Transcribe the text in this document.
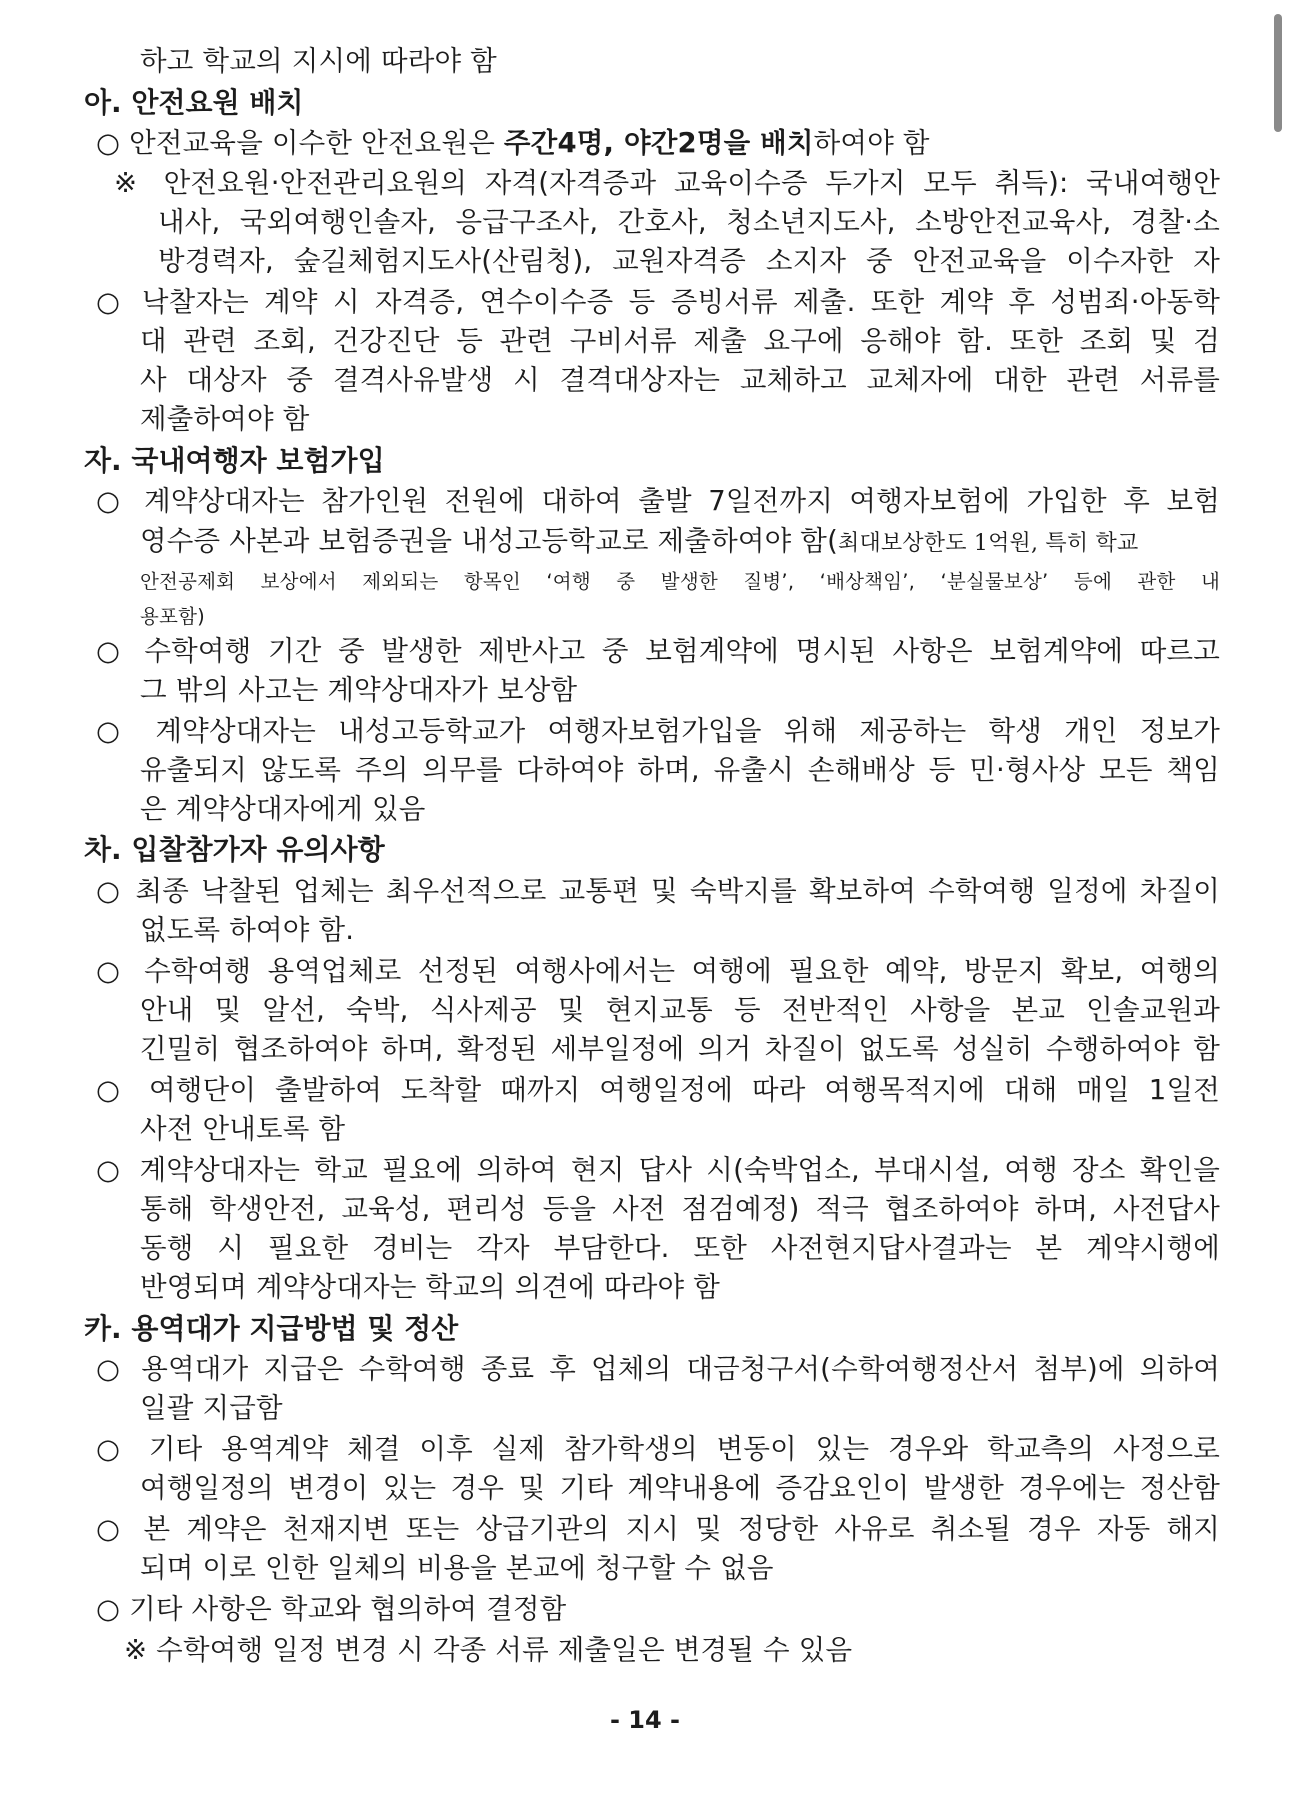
하고 학교의 지시에 따라야 함
아. 안전요원 배치
○ 안전교육을 이수한 안전요원은 주간4명, 야간2명을 배치하여야 함
※ 안전요원·안전관리요원의 자격(자격증과 교육이수증 두가지 모두 취득): 국내여행안
내사, 국외여행인솔자, 응급구조사, 간호사, 청소년지도사, 소방안전교육사, 경찰·소
방경력자, 숲길체험지도사(산림청), 교원자격증 소지자 중 안전교육을 이수자한 자
○ 낙찰자는 계약 시 자격증, 연수이수증 등 증빙서류 제출. 또한 계약 후 성범죄·아동학
대 관련 조회, 건강진단 등 관련 구비서류 제출 요구에 응해야 함. 또한 조회 및 검
사 대상자 중 결격사유발생 시 결격대상자는 교체하고 교체자에 대한 관련 서류를
제출하여야 함
자. 국내여행자 보험가입
○ 계약상대자는 참가인원 전원에 대하여 출발 7일전까지 여행자보험에 가입한 후 보험
영수증 사본과 보험증권을 내성고등학교로 제출하여야 함(최대보상한도 1억원, 특히 학교
안전공제회 보상에서 제외되는 항목인 ‘여행 중 발생한 질병’, ‘배상책임’, ‘분실물보상’ 등에 관한 내
용포함)
○ 수학여행 기간 중 발생한 제반사고 중 보험계약에 명시된 사항은 보험계약에 따르고
그 밖의 사고는 계약상대자가 보상함
○ 계약상대자는 내성고등학교가 여행자보험가입을 위해 제공하는 학생 개인 정보가
유출되지 않도록 주의 의무를 다하여야 하며, 유출시 손해배상 등 민·형사상 모든 책임
은 계약상대자에게 있음
차. 입찰참가자 유의사항
○ 최종 낙찰된 업체는 최우선적으로 교통편 및 숙박지를 확보하여 수학여행 일정에 차질이
없도록 하여야 함.
○ 수학여행 용역업체로 선정된 여행사에서는 여행에 필요한 예약, 방문지 확보, 여행의
안내 및 알선, 숙박, 식사제공 및 현지교통 등 전반적인 사항을 본교 인솔교원과
긴밀히 협조하여야 하며, 확정된 세부일정에 의거 차질이 없도록 성실히 수행하여야 함
○ 여행단이 출발하여 도착할 때까지 여행일정에 따라 여행목적지에 대해 매일 1일전
사전 안내토록 함
○ 계약상대자는 학교 필요에 의하여 현지 답사 시(숙박업소, 부대시설, 여행 장소 확인을
통해 학생안전, 교육성, 편리성 등을 사전 점검예정) 적극 협조하여야 하며, 사전답사
동행 시 필요한 경비는 각자 부담한다. 또한 사전현지답사결과는 본 계약시행에
반영되며 계약상대자는 학교의 의견에 따라야 함
카. 용역대가 지급방법 및 정산
○ 용역대가 지급은 수학여행 종료 후 업체의 대금청구서(수학여행정산서 첨부)에 의하여
일괄 지급함
○ 기타 용역계약 체결 이후 실제 참가학생의 변동이 있는 경우와 학교측의 사정으로
여행일정의 변경이 있는 경우 및 기타 계약내용에 증감요인이 발생한 경우에는 정산함
○ 본 계약은 천재지변 또는 상급기관의 지시 및 정당한 사유로 취소될 경우 자동 해지
되며 이로 인한 일체의 비용을 본교에 청구할 수 없음
○ 기타 사항은 학교와 협의하여 결정함
※ 수학여행 일정 변경 시 각종 서류 제출일은 변경될 수 있음
- 14 -
